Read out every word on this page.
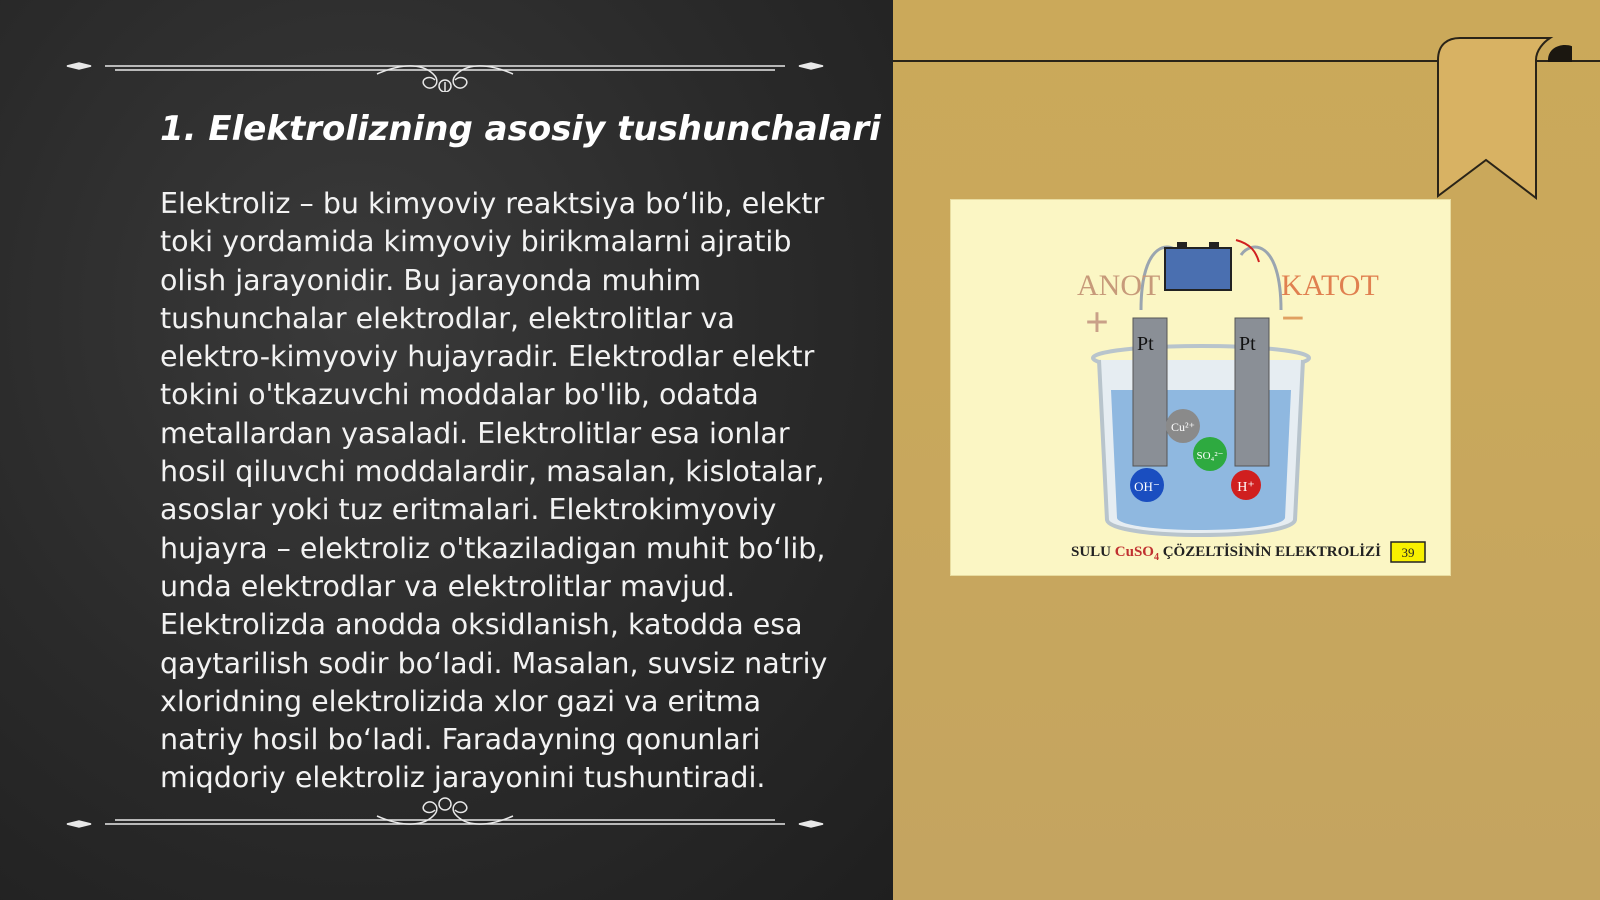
1. Elektrolizning asosiy tushunchalari

Elektroliz – bu kimyoviy reaktsiya boʻlib, elektr toki yordamida kimyoviy birikmalarni ajratib olish jarayonidir. Bu jarayonda muhim tushunchalar elektrodlar, elektrolitlar va elektro-kimyoviy hujayradir. Elektrodlar elektr tokini o'tkazuvchi moddalar bo'lib, odatda metallardan yasaladi. Elektrolitlar esa ionlar hosil qiluvchi moddalardir, masalan, kislotalar, asoslar yoki tuz eritmalari. Elektrokimyoviy hujayra – elektroliz o'tkaziladigan muhit boʻlib, unda elektrodlar va elektrolitlar mavjud. Elektrolizda anodda oksidlanish, katodda esa qaytarilish sodir boʻladi. Masalan, suvsiz natriy xloridning elektrolizida xlor gazi va eritma natriy hosil boʻladi. Faradayning qonunlari miqdoriy elektroliz jarayonini tushuntiradi.

ANOT	KATOT
+	−
Pt	Pt
Cu²⁺
SO₄²⁻
OH⁻	H⁺
SULU CuSO$_4$ ÇÖZELTİSİNİN ELEKTROLİZİ 39
